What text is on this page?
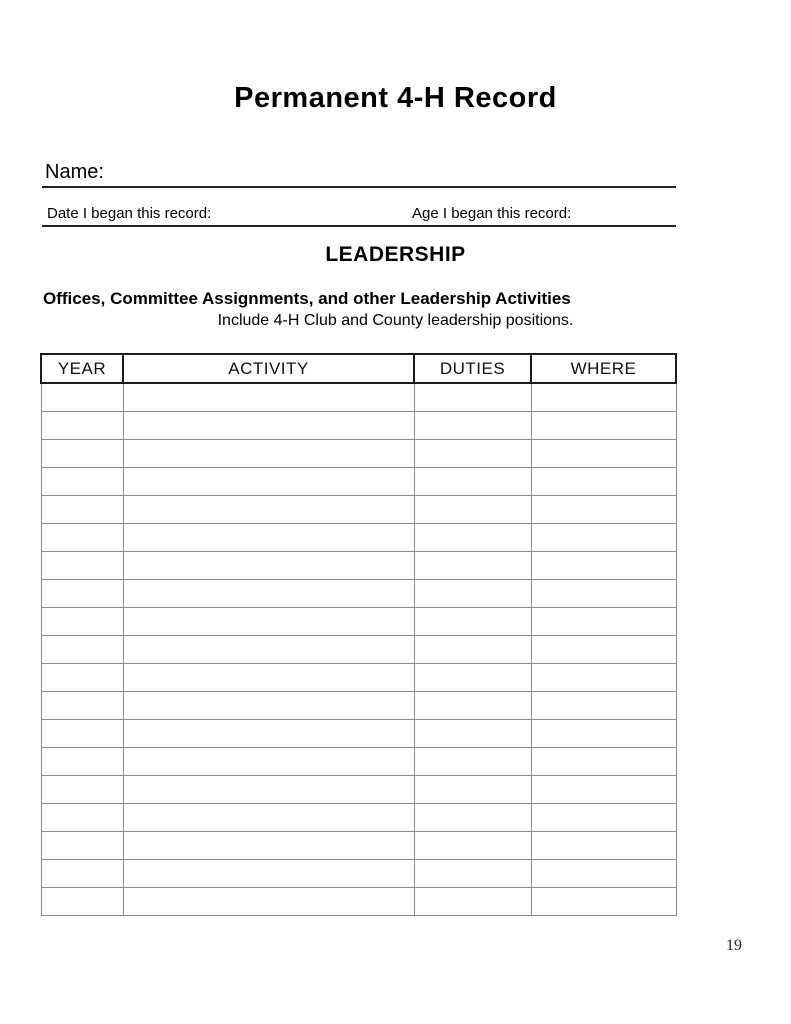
Permanent 4-H Record
Name:
Date I began this record:	Age I began this record:
LEADERSHIP

Offices, Committee Assignments, and other Leadership Activities

Include 4-H Club and County leadership positions.

YEAR	ACTIVITY	DUTIES	WHERE

19
